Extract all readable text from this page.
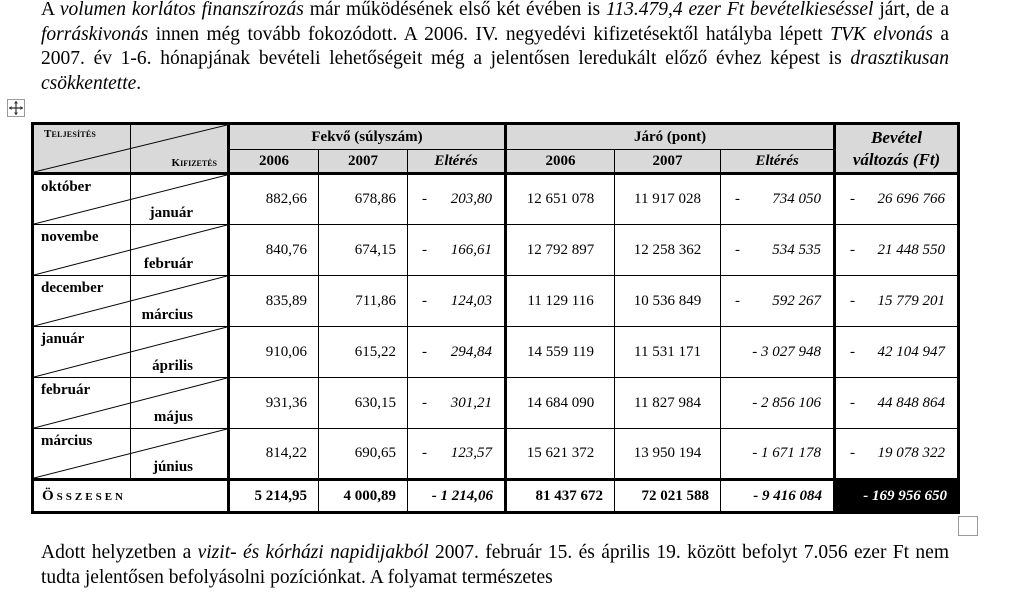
A volumen korlátos finanszírozás már működésének első két évében is 113.479,4 ezer Ft bevételkieséssel járt, de a forráskivonás innen még tovább fokozódott. A 2006. IV. negyedévi kifizetésektől hatályba lépett TVK elvonás a 2007. év 1-6. hónapjának bevételi lehetőségeit még a jelentősen leredukált előző évhez képest is drasztikusan csökkentette.
Teljesítés
Kifizetés	Fekvő (súlyszám)			Járó (pont)			Bevétel
változás (Ft)
	2006	2007	Eltérés	2006	2007	Eltérés	

október
január	882,66	678,86	- 203,80	12 651 078	11 917 028	- 734 050	- 26 696 766

novembe
február	840,76	674,15	- 166,61	12 792 897	12 258 362	- 534 535	- 21 448 550

december
március	835,89	711,86	- 124,03	11 129 116	10 536 849	- 592 267	- 15 779 201

január
április	910,06	615,22	- 294,84	14 559 119	11 531 171	- 3 027 948	- 42 104 947

február
május	931,36	630,15	- 301,21	14 684 090	11 827 984	- 2 856 106	- 44 848 864

március
június	814,22	690,65	- 123,57	15 621 372	13 950 194	- 1 671 178	- 19 078 322

Összesen	5 214,95	4 000,89	- 1 214,06	81 437 672	72 021 588	- 9 416 084	- 169 956 650
Adott helyzetben a vizit- és kórházi napidijakból 2007. február 15. és április 19. között befolyt 7.056 ezer Ft nem tudta jelentősen befolyásolni pozíciónkat. A folyamat természetes
